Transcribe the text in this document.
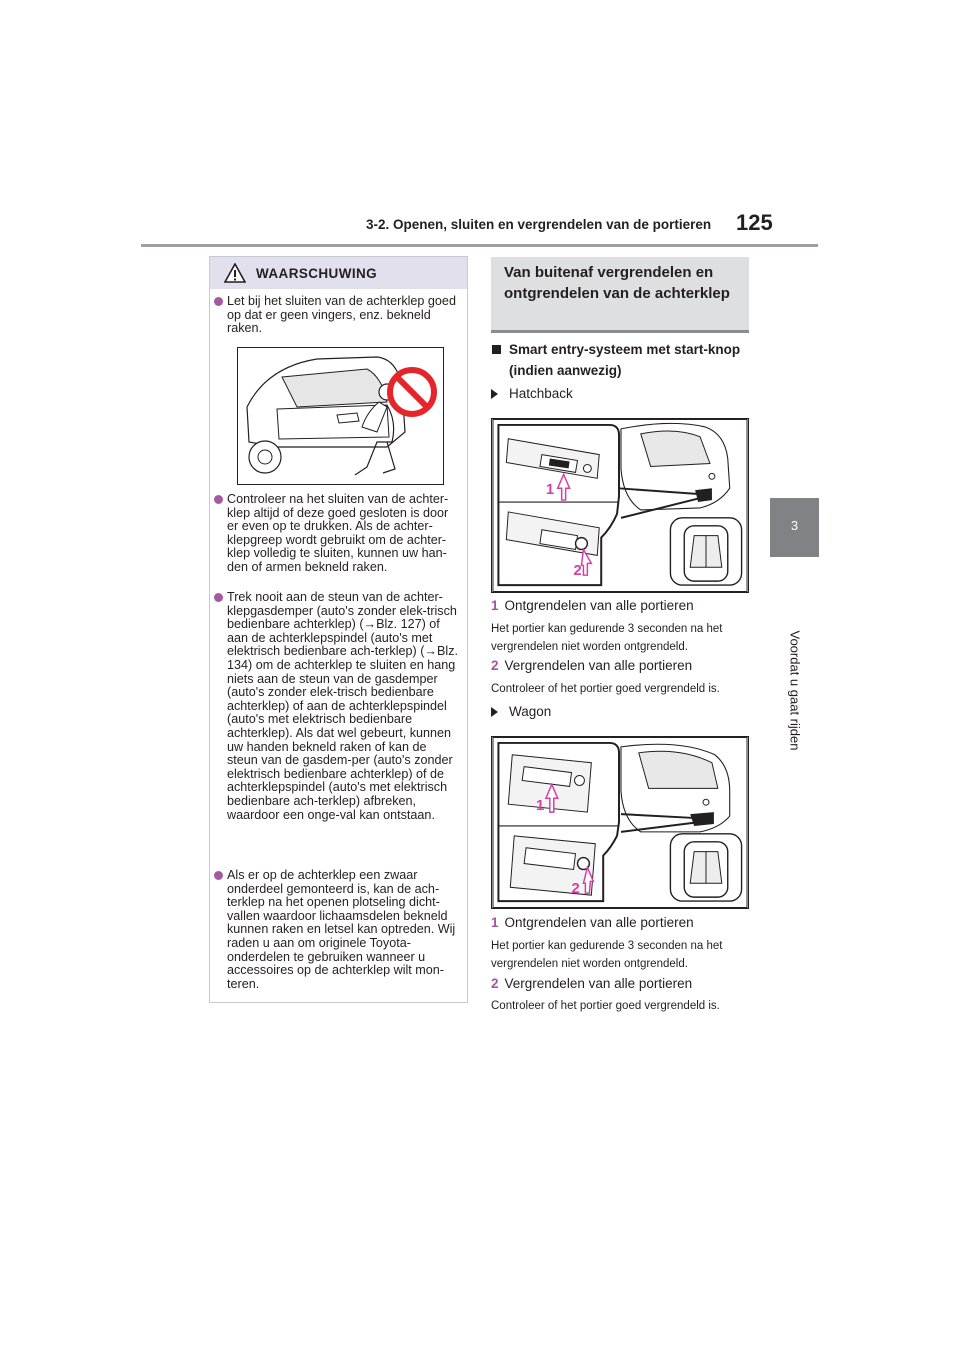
3-2. Openen, sluiten en vergrendelen van de portieren 125
3
Voordat u gaat rijden
WAARSCHUWING
Let bij het sluiten van de achterklep goed op dat er geen vingers, enz. bekneld raken.
Controleer na het sluiten van de achter-klep altijd of deze goed gesloten is door er even op te drukken. Als de achter-klepgreep wordt gebruikt om de achter-klep volledig te sluiten, kunnen uw han-den of armen bekneld raken.
Trek nooit aan de steun van de achter-klepgasdemper (auto's zonder elek-trisch bedienbare achterklep) (→Blz. 127) of aan de achterklepspindel (auto's met elektrisch bedienbare ach-terklep) (→Blz. 134) om de achterklep te sluiten en hang niets aan de steun van de gasdemper (auto's zonder elek-trisch bedienbare achterklep) of aan de achterklepspindel (auto's met elektrisch bedienbare achterklep). Als dat wel gebeurt, kunnen uw handen bekneld raken of kan de steun van de gasdem-per (auto's zonder elektrisch bedienbare achterklep) of de achterklepspindel (auto's met elektrisch bedienbare ach-terklep) afbreken, waardoor een onge-val kan ontstaan.
Als er op de achterklep een zwaar onderdeel gemonteerd is, kan de ach-terklep na het openen plotseling dicht-vallen waardoor lichaamsdelen bekneld kunnen raken en letsel kan optreden. Wij raden u aan om originele Toyota-onderdelen te gebruiken wanneer u accessoires op de achterklep wilt mon-teren.
Van buitenaf vergrendelen en ontgrendelen van de achterklep
Smart entry-systeem met start-knop (indien aanwezig)
Hatchback
1
2
1 Ontgrendelen van alle portieren
Het portier kan gedurende 3 seconden na het vergrendelen niet worden ontgrendeld.
2 Vergrendelen van alle portieren
Controleer of het portier goed vergrendeld is.
Wagon
1
2
1 Ontgrendelen van alle portieren
Het portier kan gedurende 3 seconden na het vergrendelen niet worden ontgrendeld.
2 Vergrendelen van alle portieren
Controleer of het portier goed vergrendeld is.
